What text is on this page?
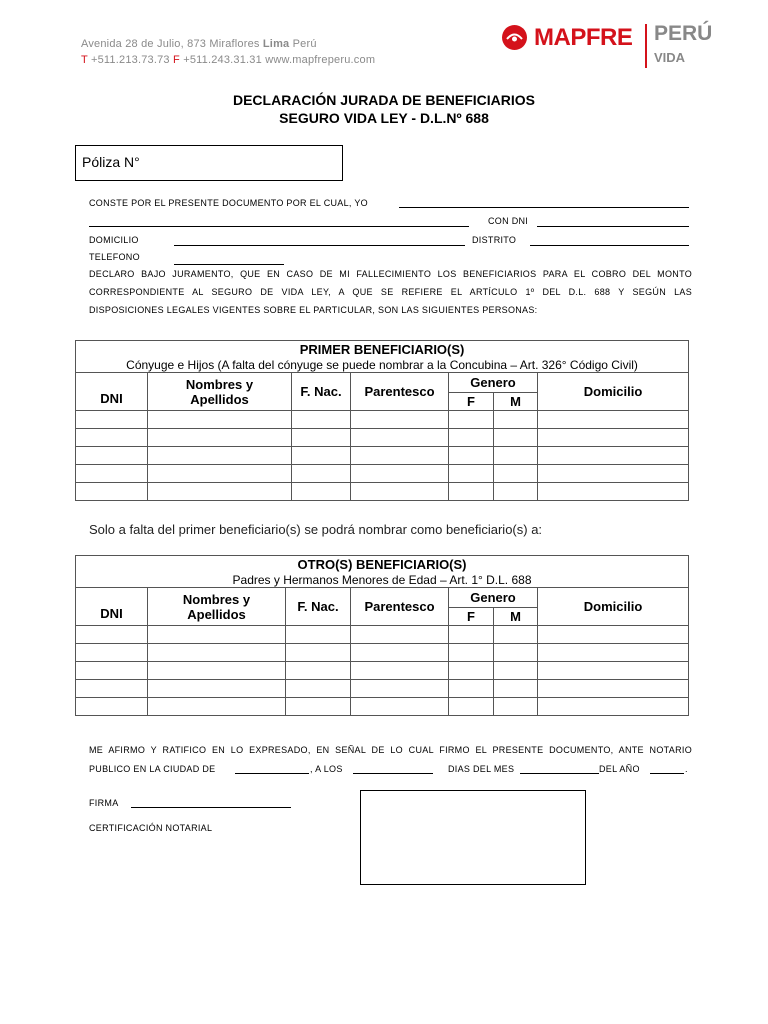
Avenida 28 de Julio, 873 Miraflores Lima Perú
T +511.213.73.73 F +511.243.31.31 www.mapfreperu.com
MAPFRE PERÚ
VIDA
DECLARACIÓN JURADA DE BENEFICIARIOS
SEGURO VIDA LEY - D.L.Nº 688
Póliza N°
CONSTE POR EL PRESENTE DOCUMENTO POR EL CUAL, YO
CON DNI
DOMICILIO	DISTRITO
TELEFONO
DECLARO BAJO JURAMENTO, QUE EN CASO DE MI FALLECIMIENTO LOS BENEFICIARIOS PARA EL COBRO DEL MONTO
CORRESPONDIENTE AL SEGURO DE VIDA LEY, A QUE SE REFIERE EL ARTÍCULO 1º DEL D.L. 688 Y SEGÚN LAS
DISPOSICIONES LEGALES VIGENTES SOBRE EL PARTICULAR, SON LAS SIGUIENTES PERSONAS:
PRIMER BENEFICIARIO(S)						
Cónyuge e Hijos (A falta del cónyuge se puede nombrar a la Concubina – Art. 326° Código Civil)						
DNI	Nombres y Apellidos	F. Nac.	Parentesco	Genero		Domicilio
				F	M	

Solo a falta del primer beneficiario(s) se podrá nombrar como beneficiario(s) a:
OTRO(S) BENEFICIARIO(S)						
Padres y Hermanos Menores de Edad – Art. 1° D.L. 688						
DNI	Nombres y Apellidos	F. Nac.	Parentesco	Genero		Domicilio
				F	M	

ME AFIRMO Y RATIFICO EN LO EXPRESADO, EN SEÑAL DE LO CUAL FIRMO EL PRESENTE DOCUMENTO, ANTE NOTARIO
PUBLICO EN LA CIUDAD DE	, A LOS	DIAS DEL MES	DEL AÑO	.
FIRMA
CERTIFICACIÓN NOTARIAL
